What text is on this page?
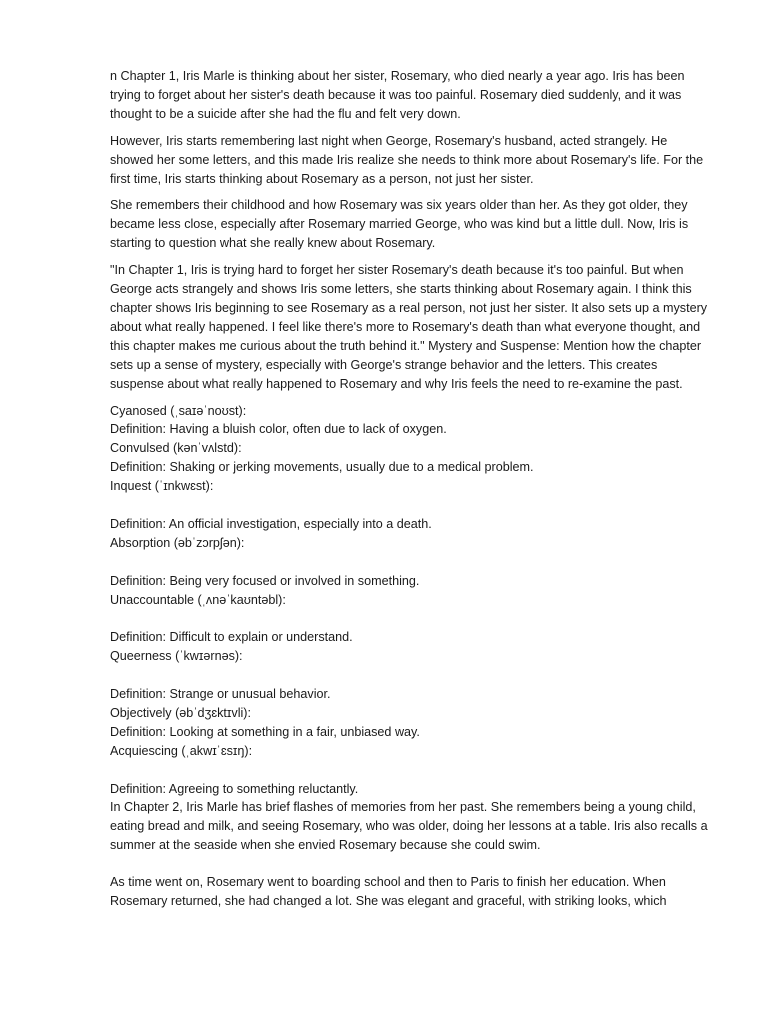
n Chapter 1, Iris Marle is thinking about her sister, Rosemary, who died nearly a year ago. Iris has been trying to forget about her sister's death because it was too painful. Rosemary died suddenly, and it was thought to be a suicide after she had the flu and felt very down.

However, Iris starts remembering last night when George, Rosemary's husband, acted strangely. He showed her some letters, and this made Iris realize she needs to think more about Rosemary's life. For the first time, Iris starts thinking about Rosemary as a person, not just her sister.

She remembers their childhood and how Rosemary was six years older than her. As they got older, they became less close, especially after Rosemary married George, who was kind but a little dull. Now, Iris is starting to question what she really knew about Rosemary.

"In Chapter 1, Iris is trying hard to forget her sister Rosemary's death because it's too painful. But when George acts strangely and shows Iris some letters, she starts thinking about Rosemary again. I think this chapter shows Iris beginning to see Rosemary as a real person, not just her sister. It also sets up a mystery about what really happened. I feel like there's more to Rosemary's death than what everyone thought, and this chapter makes me curious about the truth behind it." Mystery and Suspense: Mention how the chapter sets up a sense of mystery, especially with George's strange behavior and the letters. This creates suspense about what really happened to Rosemary and why Iris feels the need to re-examine the past.

Cyanosed (ˌsaɪəˈnoʊst):

Definition: Having a bluish color, often due to lack of oxygen.

Convulsed (kənˈvʌlstd):

Definition: Shaking or jerking movements, usually due to a medical problem.

Inquest (ˈɪnkwɛst):

Definition: An official investigation, especially into a death.

Absorption (əbˈzɔrpʃən):

Definition: Being very focused or involved in something.

Unaccountable (ˌʌnəˈkaʊntəbl):

Definition: Difficult to explain or understand.

Queerness (ˈkwɪərnəs):

Definition: Strange or unusual behavior.

Objectively (əbˈdʒɛktɪvli):

Definition: Looking at something in a fair, unbiased way.

Acquiescing (ˌakwɪˈɛsɪŋ):

Definition: Agreeing to something reluctantly.

In Chapter 2, Iris Marle has brief flashes of memories from her past. She remembers being a young child, eating bread and milk, and seeing Rosemary, who was older, doing her lessons at a table. Iris also recalls a summer at the seaside when she envied Rosemary because she could swim.

As time went on, Rosemary went to boarding school and then to Paris to finish her education. When Rosemary returned, she had changed a lot. She was elegant and graceful, with striking looks, which
